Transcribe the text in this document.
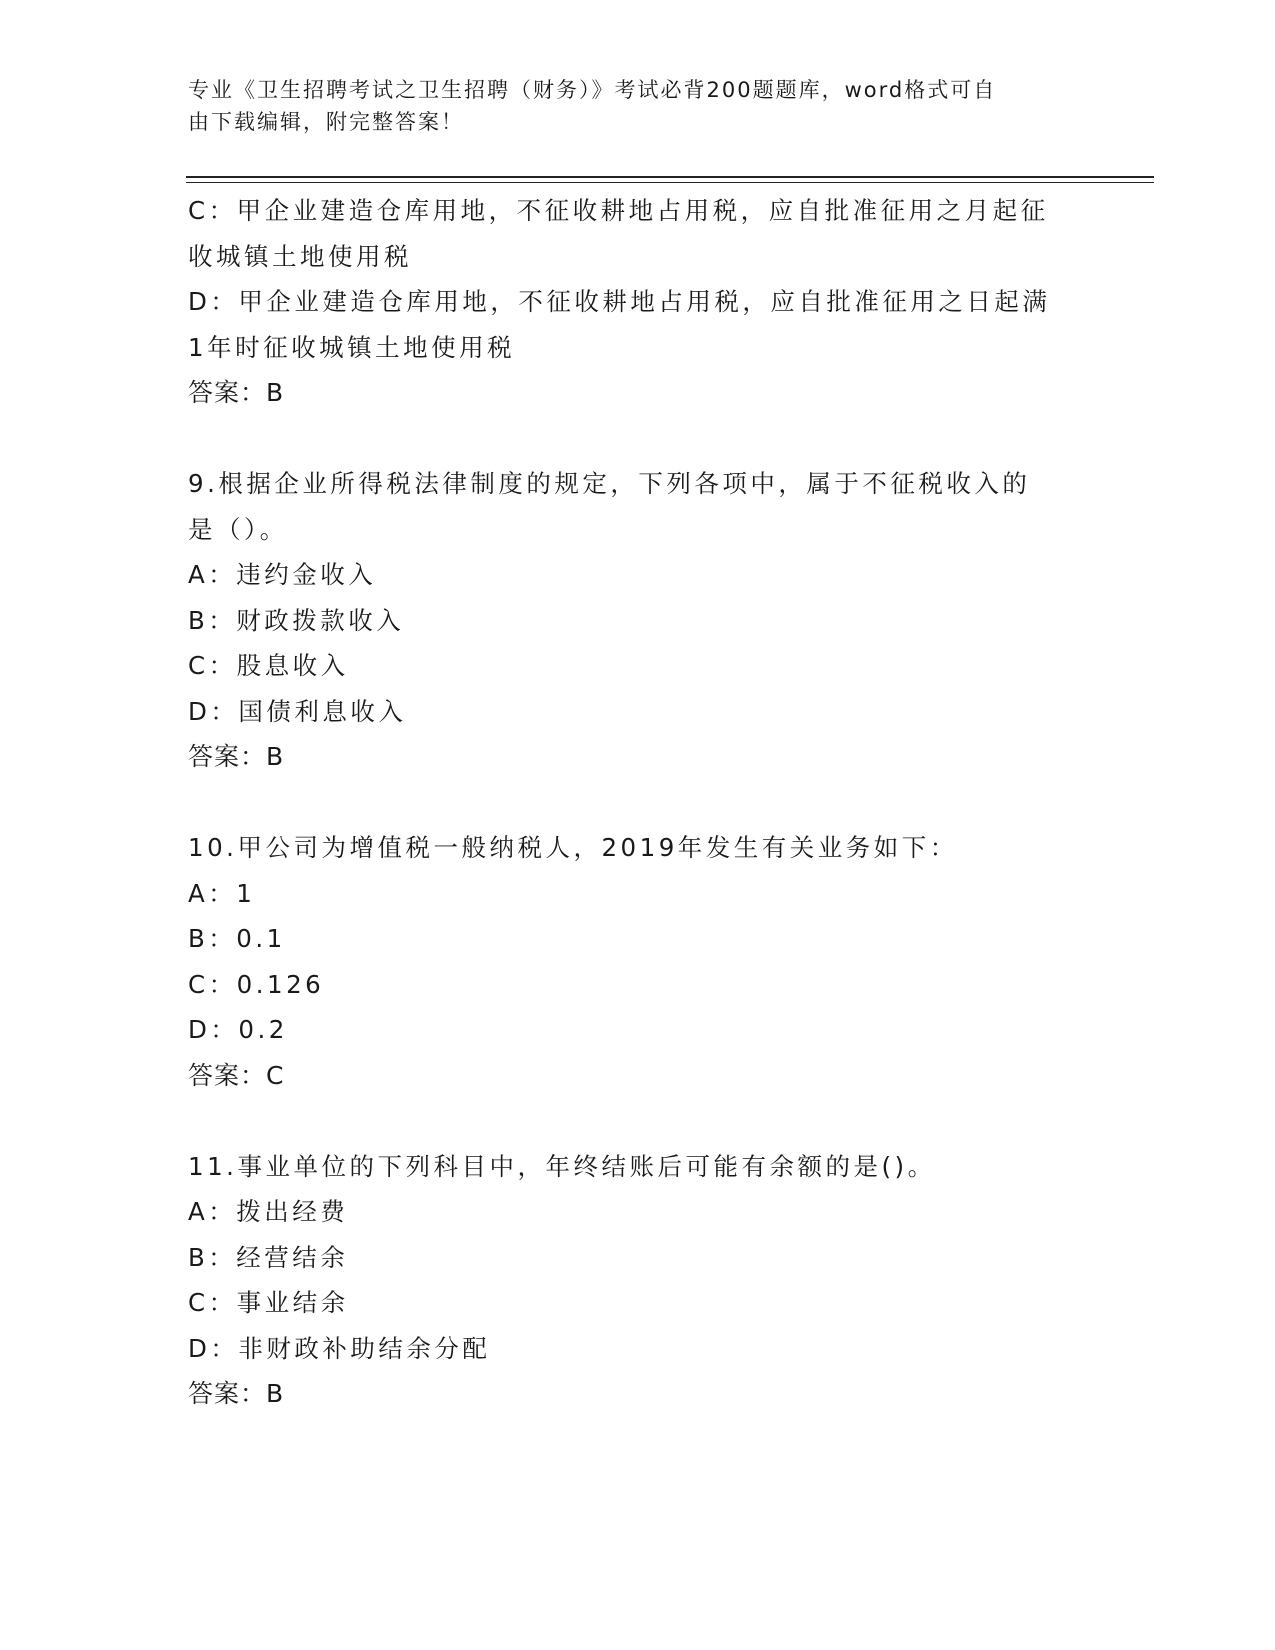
专业《卫生招聘考试之卫生招聘（财务）》考试必背200题题库，word格式可自
由下载编辑，附完整答案！
C：甲企业建造仓库用地，不征收耕地占用税，应自批准征用之月起征
收城镇土地使用税
D：甲企业建造仓库用地，不征收耕地占用税，应自批准征用之日起满
1年时征收城镇土地使用税
答案：B
9.根据企业所得税法律制度的规定，下列各项中，属于不征税收入的
是（）。
A：违约金收入
B：财政拨款收入
C：股息收入
D：国债利息收入
答案：B
10.甲公司为增值税一般纳税人，2019年发生有关业务如下：
A：1
B：0.1
C：0.126
D：0.2
答案：C
11.事业单位的下列科目中，年终结账后可能有余额的是()。
A：拨出经费
B：经营结余
C：事业结余
D：非财政补助结余分配
答案：B
